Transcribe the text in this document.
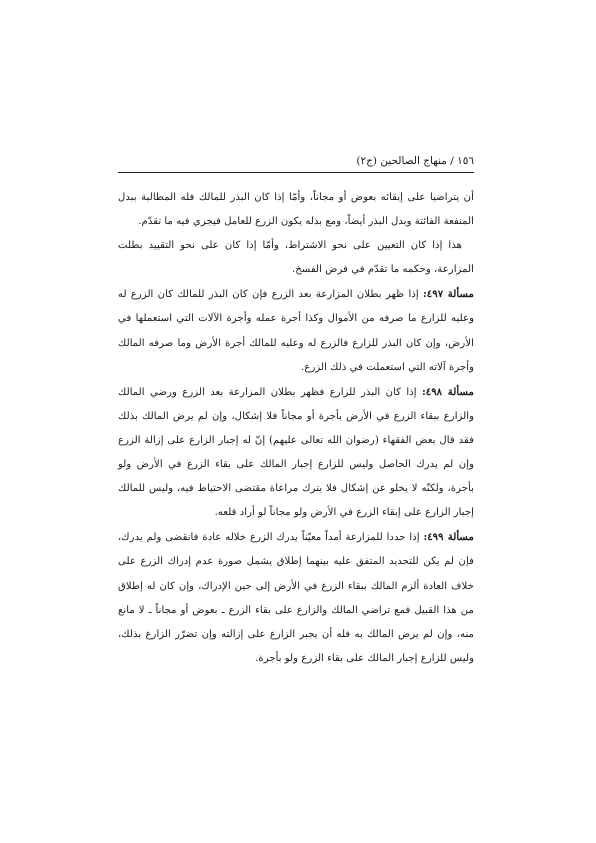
١٥٦ / منهاج الصالحين (ج٢)

أن يتراضيا على إبقائه بعوض أو مجاناً، وأمّا إذا كان البذر للمالك فله المطالبة ببدل المنفعة الفائتة وبدل البذر أيضاً، ومع بذله يكون الزرع للعامل فيجري فيه ما تقدّم.

هذا إذا كان التعيين على نحو الاشتراط، وأمّا إذا كان على نحو التقييد بطلت المزارعة، وحكمه ما تقدّم في فرض الفسخ.

مسألة ٤٩٧: إذا ظهر بطلان المزارعة بعد الزرع فإن كان البذر للمالك كان الزرع له وعليه للزارع ما صرفه من الأموال وكذا أجرة عمله وأجرة الآلات التي استعملها في الأرض، وإن كان البذر للزارع فالزرع له وعليه للمالك أجرة الأرض وما صرفه المالك وأجرة آلاته التي استعملت في ذلك الزرع.

مسألة ٤٩٨: إذا كان البذر للزارع فظهر بطلان المزارعة بعد الزرع ورضي المالك والزارع ببقاء الزرع في الأرض بأجرة أو مجاناً فلا إشكال، وإن لم يرض المالك بذلك فقد قال بعض الفقهاء (رضوان الله تعالى عليهم) إنّ له إجبار الزارع على إزالة الزرع وإن لم يدرك الحاصل وليس للزارع إجبار المالك على بقاء الزرع في الأرض ولو بأجرة، ولكنّه لا يخلو عن إشكال فلا يترك مراعاة مقتضى الاحتياط فيه، وليس للمالك إجبار الزارع على إبقاء الزرع في الأرض ولو مجاناً لو أراد قلعه.

مسألة ٤٩٩: إذا حددا للمزارعة أمداً معيّناً يدرك الزرع خلاله عادة فانقضى ولم يدرك، فإن لم يكن للتحديد المتفق عليه بينهما إطلاق يشمل صورة عدم إدراك الزرع على خلاف العادة ألزم المالك ببقاء الزرع في الأرض إلى حين الإدراك، وإن كان له إطلاق من هذا القبيل فمع تراضي المالك والزارع على بقاء الزرع ـ بعوض أو مجاناً ـ لا مانع منه، وإن لم يرض المالك به فله أن يجبر الزارع على إزالته وإن تضرّر الزارع بذلك، وليس للزارع إجبار المالك على بقاء الزرع ولو بأجرة.
